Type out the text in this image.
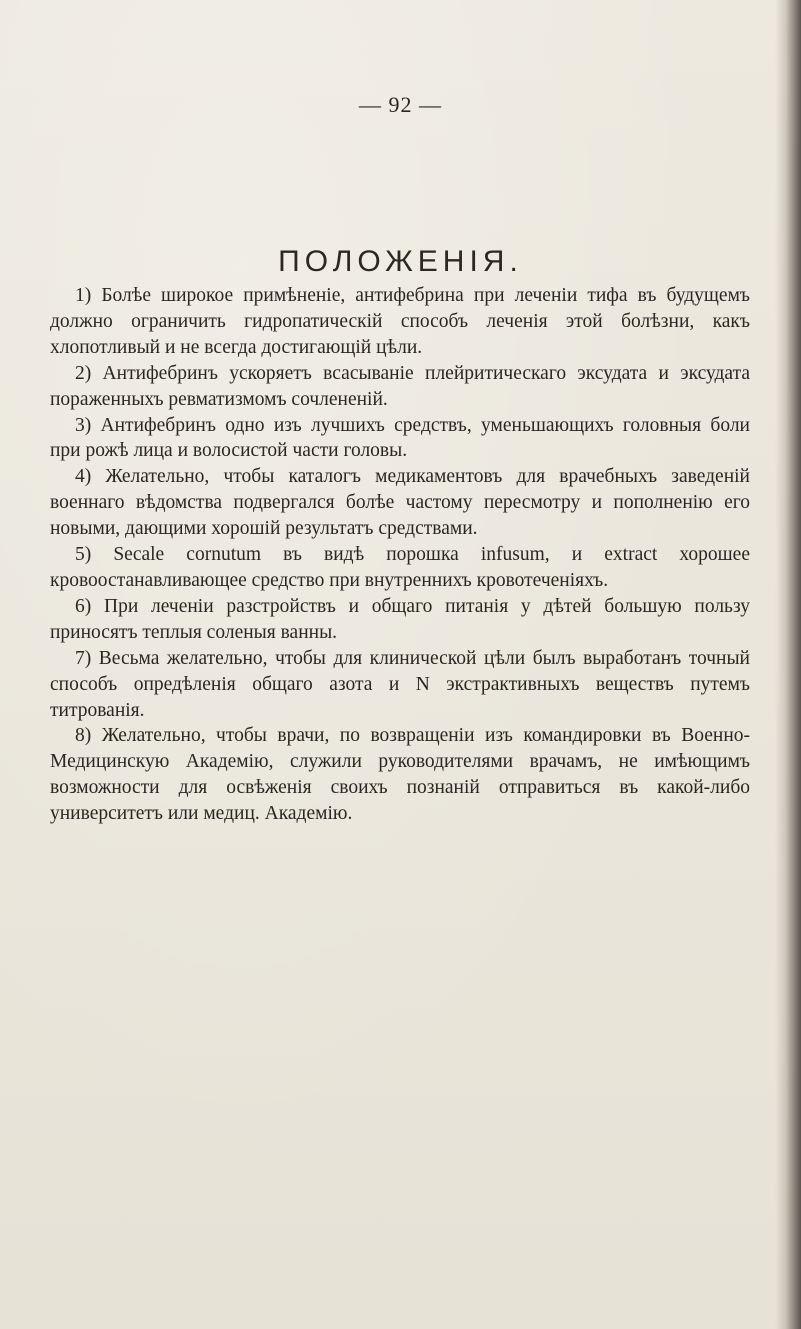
— 92 —
ПОЛОЖЕНІЯ.

1) Болѣе широкое примѣненіе, антифебрина при леченіи тифа въ будущемъ должно ограничить гидропатическій способъ леченія этой болѣзни, какъ хлопотливый и не всегда достигающій цѣли.

2) Антифебринъ ускоряетъ всасываніе плейритическаго эксудата и эксудата пораженныхъ ревматизмомъ сочлененій.

3) Антифебринъ одно изъ лучшихъ средствъ, уменьшающихъ головныя боли при рожѣ лица и волосистой части головы.

4) Желательно, чтобы каталогъ медикаментовъ для врачебныхъ заведеній военнаго вѣдомства подвергался болѣе частому пересмотру и пополненію его новыми, дающими хорошій результатъ средствами.

5) Secale cornutum въ видѣ порошка infusum, и extract хорошее кровоостанавливающее средство при внутреннихъ кровотеченіяхъ.

6) При леченіи разстройствъ и общаго питанія у дѣтей большую пользу приносятъ теплыя соленыя ванны.

7) Весьма желательно, чтобы для клинической цѣли былъ выработанъ точный способъ опредѣленія общаго азота и N экстрактивныхъ веществъ путемъ титрованія.

8) Желательно, чтобы врачи, по возвращеніи изъ командировки въ Военно-Медицинскую Академію, служили руководителями врачамъ, не имѣющимъ возможности для освѣженія своихъ познаній отправиться въ какой-либо университетъ или медиц. Академію.
